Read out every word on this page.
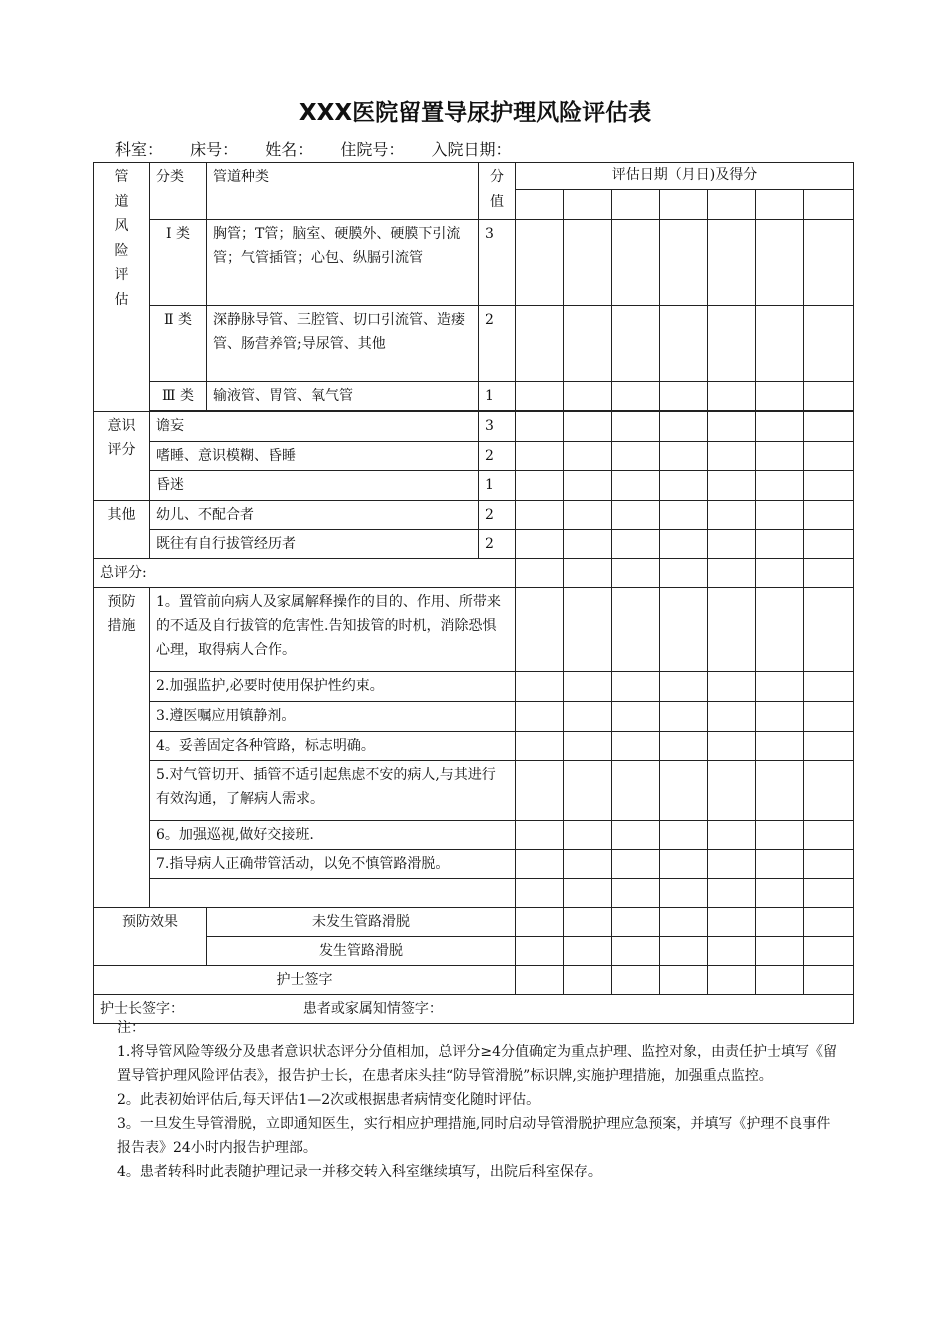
XXX医院留置导尿护理风险评估表
科室： 床号： 姓名： 住院号： 入院日期：
管道风险评估	分类	管道种类	分值	评估日期（月日)及得分						

	Ⅰ 类	胸管；T管；脑室、硬膜外、硬膜下引流管；气管插管；心包、纵膈引流管	3							
	Ⅱ 类	深静脉导管、三腔管、切口引流管、造瘘管、肠营养管;导尿管、其他	2							
	Ⅲ 类	输液管、胃管、氧气管	1							

意识评分	谵妄		3							
	嗜睡、意识模糊、昏睡		2							
	昏迷		1							
其他	幼儿、不配合者		2							
	既往有自行拔管经历者		2							
总评分:										

预防措施	1。置管前向病人及家属解释操作的目的、作用、所带来的不适及自行拔管的危害性.告知拔管的时机，消除恐惧心理，取得病人合作。									
	2.加强监护,必要时使用保护性约束。									
	3.遵医嘱应用镇静剂。									
	4。妥善固定各种管路，标志明确。									
	5.对气管切开、插管不适引起焦虑不安的病人,与其进行有效沟通，了解病人需求。									
	6。加强巡视,做好交接班.									
	7.指导病人正确带管活动，以免不慎管路滑脱。									

预防效果		未发生管路滑脱								
		发生管路滑脱								
护士签字										
护士长签字： 患者或家属知情签字：										

注：

1.将导管风险等级分及患者意识状态评分分值相加，总评分≥4分值确定为重点护理、监控对象，由责任护士填写《留置导管护理风险评估表》，报告护士长，在患者床头挂“防导管滑脱”标识牌,实施护理措施，加强重点监控。

2。此表初始评估后,每天评估1—2次或根据患者病情变化随时评估。

3。一旦发生导管滑脱，立即通知医生，实行相应护理措施,同时启动导管滑脱护理应急预案，并填写《护理不良事件报告表》24小时内报告护理部。

4。患者转科时此表随护理记录一并移交转入科室继续填写，出院后科室保存。
